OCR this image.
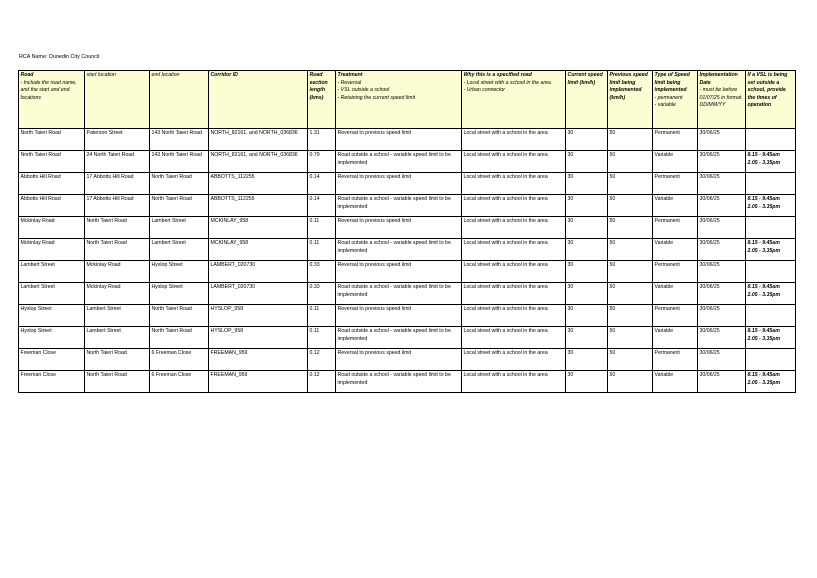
RCA Name: Dunedin City Council
Road
- Include the road name, and the start and end locations	start location	end location	Corridor ID	Road section length (kms)	Treatment
- Reversal
- VSL outside a school
- Retaining the current speed limit	Why this is a specified road
- Local street with a school in the area
- Urban connector	Current speed limit (km/h)	Previous speed limit being implemented (km/h)	Type of Speed limit being implemented
- permanent
- variable	Implementation Date
- must be before 01/07/25 in format DD/MM/YY	If a VSL is being set outside a school, provide the times of operation

North Taieri Road	Paterson Street	143 North Taieri Road	NORTH_82161, and NORTH_036836	1.31	Reversal to previous speed limit	Local street with a school in the area	30	50	Permanent	30/06/25	

North Taieri Road	24 North Taieri Road	143 North Taieri Road	NORTH_82161, and NORTH_036836	0.79	Road outside a school - variable speed limit to be implemented	Local street with a school in the area	30	50	Variable	30/06/25	8.15 - 9.45am
2.05 - 3.35pm

Abbotts Hill Road	17 Abbotts Hill Road	North Taieri Road	ABBOTTS_112255	0.14	Reversal to previous speed limit	Local street with a school in the area	30	50	Permanent	30/06/25	

Abbotts Hill Road	17 Abbotts Hill Road	North Taieri Road	ABBOTTS_112255	0.14	Road outside a school - variable speed limit to be implemented	Local street with a school in the area	30	50	Variable	30/06/25	8.15 - 9.45am
2.05 - 3.35pm

Mckinlay Road	North Taieri Road	Lambert Street	MCKINLAY_958	0.11	Reversal to previous speed limit	Local street with a school in the area	30	50	Permanent	30/06/25	

Mckinlay Road	North Taieri Road	Lambert Street	MCKINLAY_958	0.11	Road outside a school - variable speed limit to be implemented	Local street with a school in the area	30	50	Variable	30/06/25	8.15 - 9.45am
2.05 - 3.35pm

Lambert Street	Mckinlay Road	Hyslop Street	LAMBERT_020730	0.33	Reversal to previous speed limit	Local street with a school in the area	30	50	Permanent	30/06/25	

Lambert Street	Mckinlay Road	Hyslop Street	LAMBERT_020730	0.33	Road outside a school - variable speed limit to be implemented	Local street with a school in the area	30	50	Variable	30/06/25	8.15 - 9.45am
2.05 - 3.35pm

Hyslop Street	Lambert Street	North Taieri Road	HYSLOP_958	0.11	Reversal to previous speed limit	Local street with a school in the area	30	50	Permanent	30/06/25	

Hyslop Street	Lambert Street	North Taieri Road	HYSLOP_958	0.11	Road outside a school - variable speed limit to be implemented	Local street with a school in the area	30	50	Variable	30/06/25	8.15 - 9.45am
2.05 - 3.35pm

Freeman Close	North Taieri Road	6 Freeman Close	FREEMAN_959	0.12	Reversal to previous speed limit	Local street with a school in the area	30	50	Permanent	30/06/25	

Freeman Close	North Taieri Road	6 Freeman Close	FREEMAN_959	0.12	Road outside a school - variable speed limit to be implemented	Local street with a school in the area	30	50	Variable	30/06/25	8.15 - 9.45am
2.05 - 3.35pm
